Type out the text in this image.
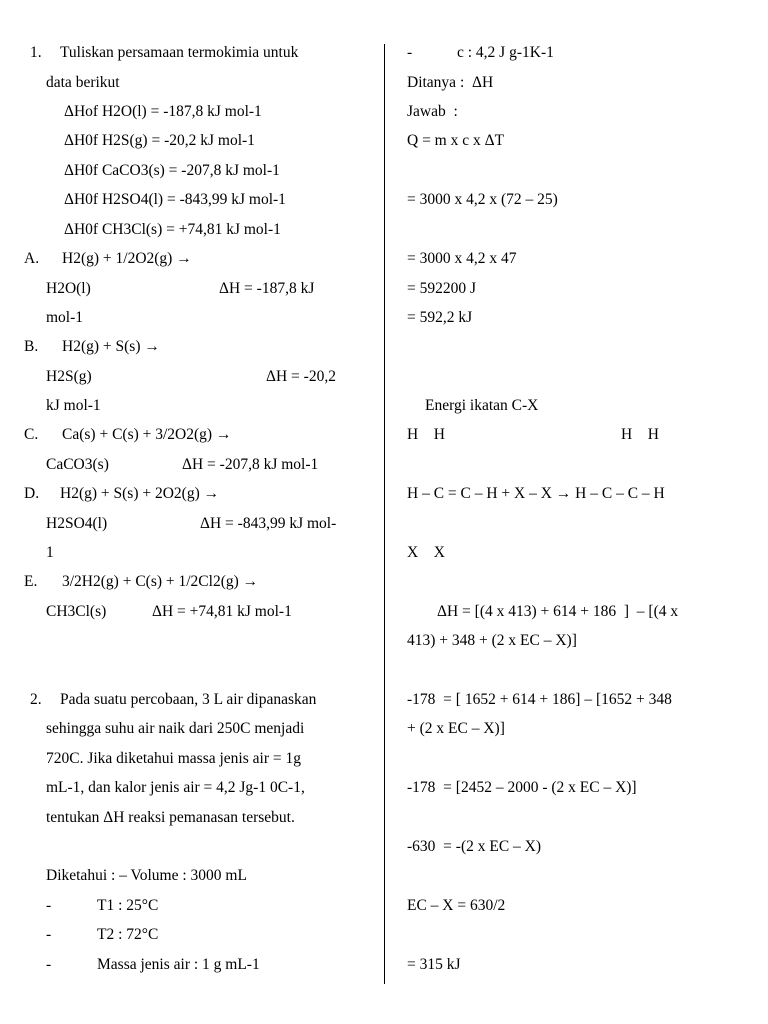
1. Tuliskan persamaan termokimia untuk
data berikut
ΔHof H2O(l) = -187,8 kJ mol-1
ΔH0f H2S(g) = -20,2 kJ mol-1
ΔH0f CaCO3(s) = -207,8 kJ mol-1
ΔH0f H2SO4(l) = -843,99 kJ mol-1
ΔH0f CH3Cl(s) = +74,81 kJ mol-1
A. H2(g) + 1/2O2(g) →
H2O(l)	ΔH = -187,8 kJ
mol-1
B. H2(g) + S(s) →
H2S(g)	ΔH = -20,2
kJ mol-1
C. Ca(s) + C(s) + 3/2O2(g) →
CaCO3(s)	ΔH = -207,8 kJ mol-1
D. H2(g) + S(s) + 2O2(g) →
H2SO4(l)	ΔH = -843,99 kJ mol-
1
E. 3/2H2(g) + C(s) + 1/2Cl2(g) →
CH3Cl(s)	ΔH = +74,81 kJ mol-1
2. Pada suatu percobaan, 3 L air dipanaskan
sehingga suhu air naik dari 250C menjadi
720C. Jika diketahui massa jenis air = 1g
mL-1, dan kalor jenis air = 4,2 Jg-1 0C-1,
tentukan ΔH reaksi pemanasan tersebut.
Diketahui : – Volume : 3000 mL
-	T1 : 25°C
-	T2 : 72°C
-	Massa jenis air : 1 g mL-1
-	c : 4,2 J g-1K-1
Ditanya :  ΔH
Jawab  :
Q = m x c x ΔT
= 3000 x 4,2 x (72 – 25)
= 3000 x 4,2 x 47
= 592200 J
= 592,2 kJ
Energi ikatan C-X
H    H	H    H
H – C = C – H + X – X → H – C – C – H
X    X
ΔH = [(4 x 413) + 614 + 186  ]  – [(4 x
413) + 348 + (2 x EC – X)]
-178  = [ 1652 + 614 + 186] – [1652 + 348
+ (2 x EC – X)]
-178  = [2452 – 2000 - (2 x EC – X)]
-630  = -(2 x EC – X)
EC – X = 630/2
= 315 kJ
